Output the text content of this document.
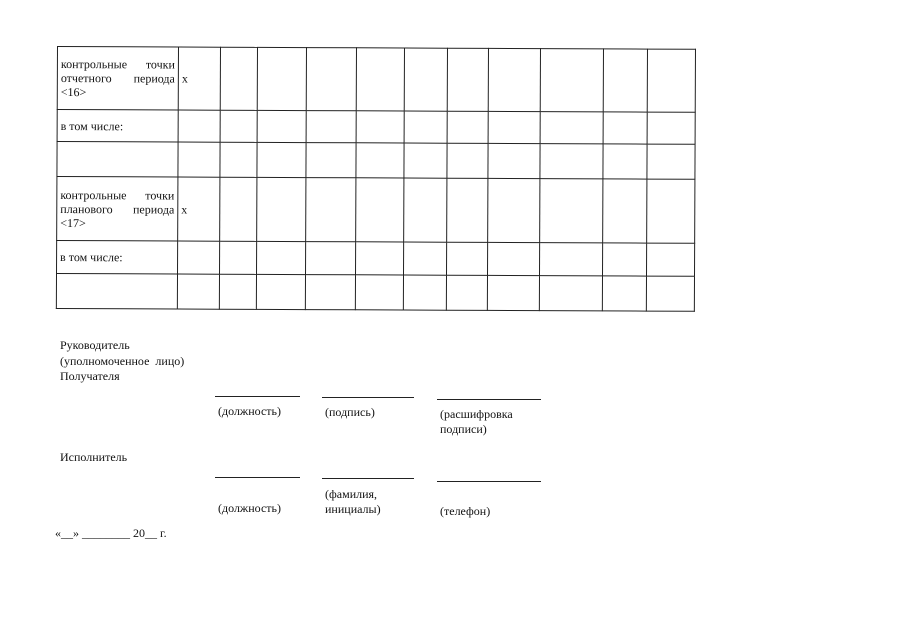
контрольные точки отчетного периода <16>	x										
в том числе:											

контрольные точки планового периода <17>	x										
в том числе:											

Руководитель
(уполномоченное лицо)
Получателя
(должность)	(подпись)	(расшифровка
подписи)
Исполнитель
(фамилия,
инициалы)
(должность)	(телефон)
«__» ________ 20__ г.
